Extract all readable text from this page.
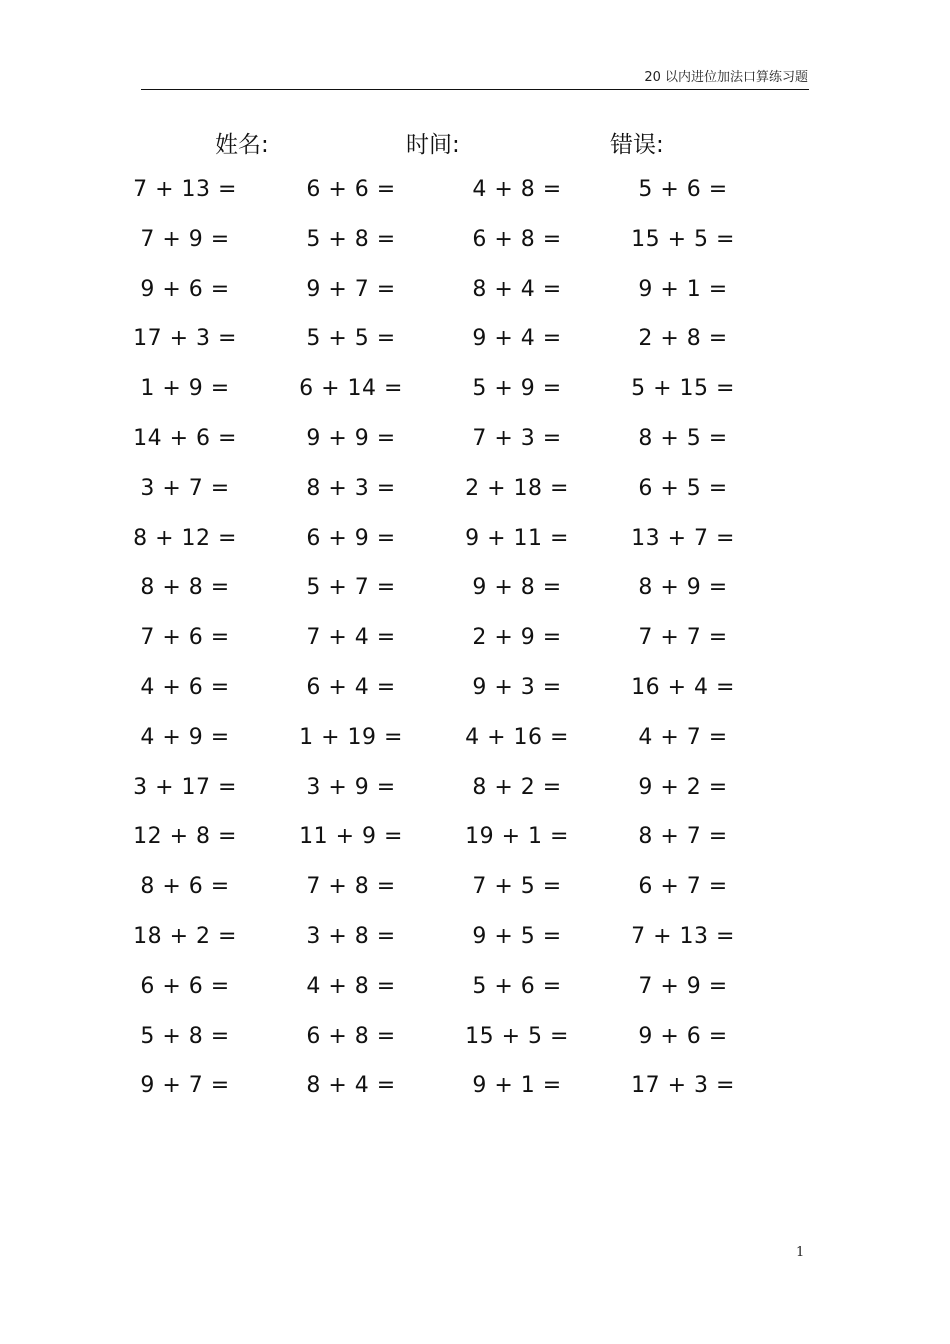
20 以内进位加法口算练习题
姓名:	时间:	错误:
7 + 13 =	6 + 6 =	4 + 8 =	5 + 6 =
7 + 9 =	5 + 8 =	6 + 8 =	15 + 5 =
9 + 6 =	9 + 7 =	8 + 4 =	9 + 1 =
17 + 3 =	5 + 5 =	9 + 4 =	2 + 8 =
1 + 9 =	6 + 14 =	5 + 9 =	5 + 15 =
14 + 6 =	9 + 9 =	7 + 3 =	8 + 5 =
3 + 7 =	8 + 3 =	2 + 18 =	6 + 5 =
8 + 12 =	6 + 9 =	9 + 11 =	13 + 7 =
8 + 8 =	5 + 7 =	9 + 8 =	8 + 9 =
7 + 6 =	7 + 4 =	2 + 9 =	7 + 7 =
4 + 6 =	6 + 4 =	9 + 3 =	16 + 4 =
4 + 9 =	1 + 19 =	4 + 16 =	4 + 7 =
3 + 17 =	3 + 9 =	8 + 2 =	9 + 2 =
12 + 8 =	11 + 9 =	19 + 1 =	8 + 7 =
8 + 6 =	7 + 8 =	7 + 5 =	6 + 7 =
18 + 2 =	3 + 8 =	9 + 5 =	7 + 13 =
6 + 6 =	4 + 8 =	5 + 6 =	7 + 9 =
5 + 8 =	6 + 8 =	15 + 5 =	9 + 6 =
9 + 7 =	8 + 4 =	9 + 1 =	17 + 3 =
1
